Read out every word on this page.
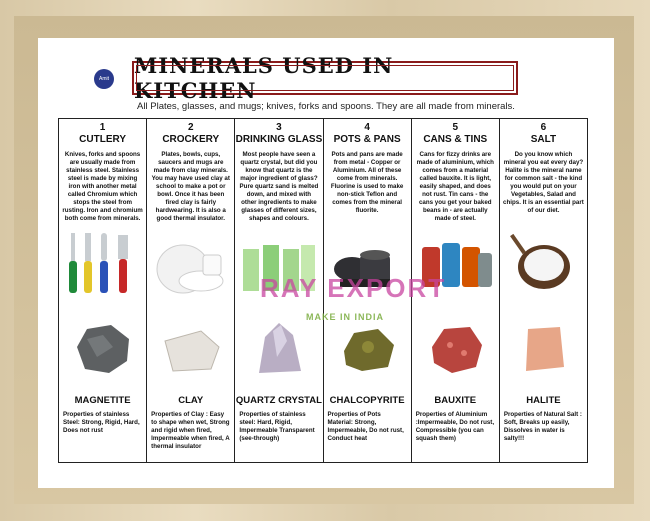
Amit
MINERALS USED IN KITCHEN
All Plates, glasses, and mugs; knives, forks and spoons. They are all made from minerals.
1
CUTLERY
Knives, forks and spoons are usually made from stainless steel. Stainless steel is made by mixing iron with another metal called Chromium which stops the steel from rusting. Iron and chromium both come from minerals.
MAGNETITE
Properties of stainless Steel: Strong, Rigid, Hard, Does not rust
2
CROCKERY
Plates, bowls, cups, saucers and mugs are made from clay minerals. You may have used clay at school to make a pot or bowl. Once it has been fired clay is fairly hardwearing. It is also a good thermal insulator.
CLAY
Properties of Clay : Easy to shape when wet, Strong and rigid when fired, Impermeable when fired, A thermal insulator
3
DRINKING GLASS
Most people have seen a quartz crystal, but did you know that quartz is the major ingredient of glass? Pure quartz sand is melted down, and mixed with other ingredients to make glasses of different sizes, shapes and colours.
QUARTZ CRYSTAL
Properties of stainless steel: Hard, Rigid, Impermeable Transparent (see-through)
4
POTS & PANS
Pots and pans are made from metal - Copper or Aluminium. All of these come from minerals. Fluorine is used to make non-stick Teflon and comes from the mineral fluorite.
CHALCOPYRITE
Properties of Pots Material: Strong, Impermeable, Do not rust, Conduct heat
5
CANS & TINS
Cans for fizzy drinks are made of aluminium, which comes from a material called bauxite. It is light, easily shaped, and does not rust. Tin cans - the cans you get your baked beans in - are actually made of steel.
BAUXITE
Properties of Aluminium :Impermeable, Do not rust, Compressible (you can squash them)
6
SALT
Do you know which mineral you eat every day? Halite is the mineral name for common salt - the kind you would put on your Vegetables, Salad and chips. It is an essential part of our diet.
HALITE
Properties of Natural Salt : Soft, Breaks up easily, Dissolves in water is salty!!!
RAY EXPORT
MAKE IN INDIA
